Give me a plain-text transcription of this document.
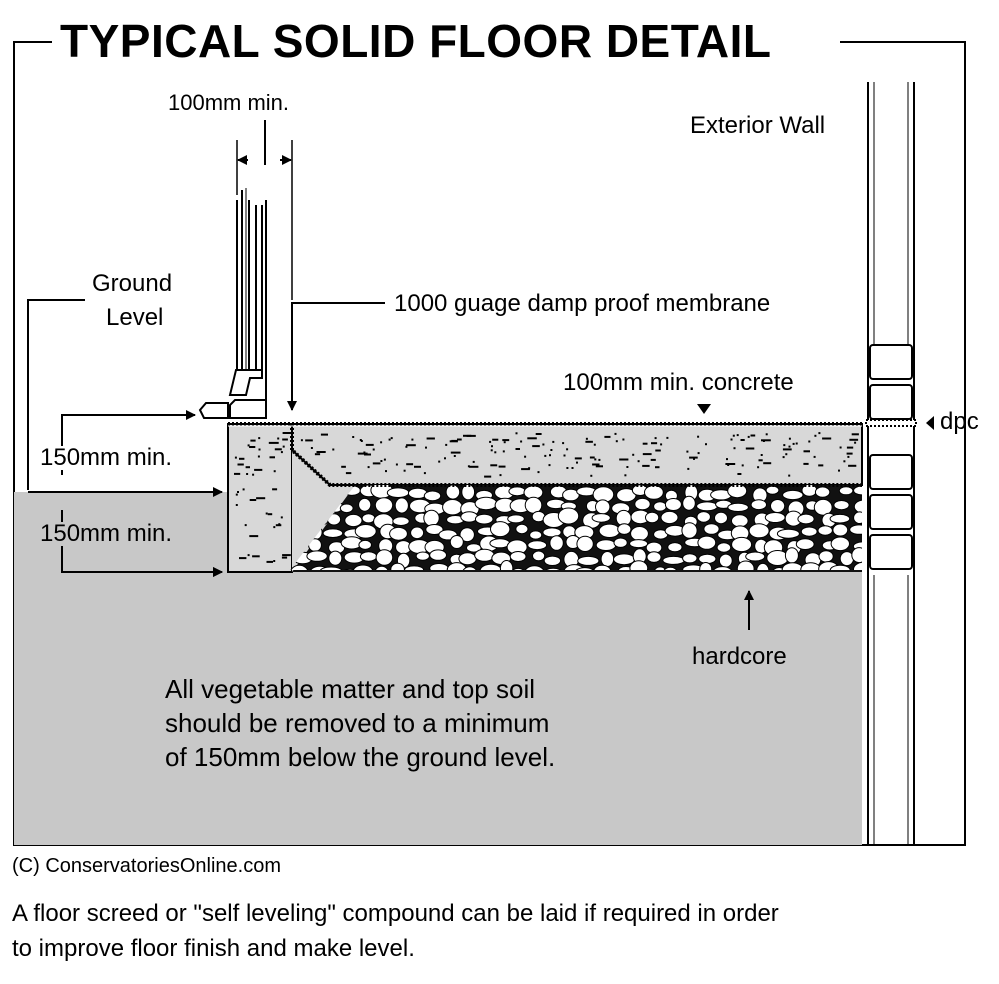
TYPICAL SOLID FLOOR DETAIL
100mm min.
Exterior Wall
Ground
Level
1000 guage damp proof membrane
100mm min. concrete
dpc
150mm min.
150mm min.
hardcore
All vegetable matter and top soil
should be removed to a minimum
of 150mm below the ground level.
(C) ConservatoriesOnline.com
A floor screed or "self leveling" compound can be laid if required in order
to improve floor finish and make level.
